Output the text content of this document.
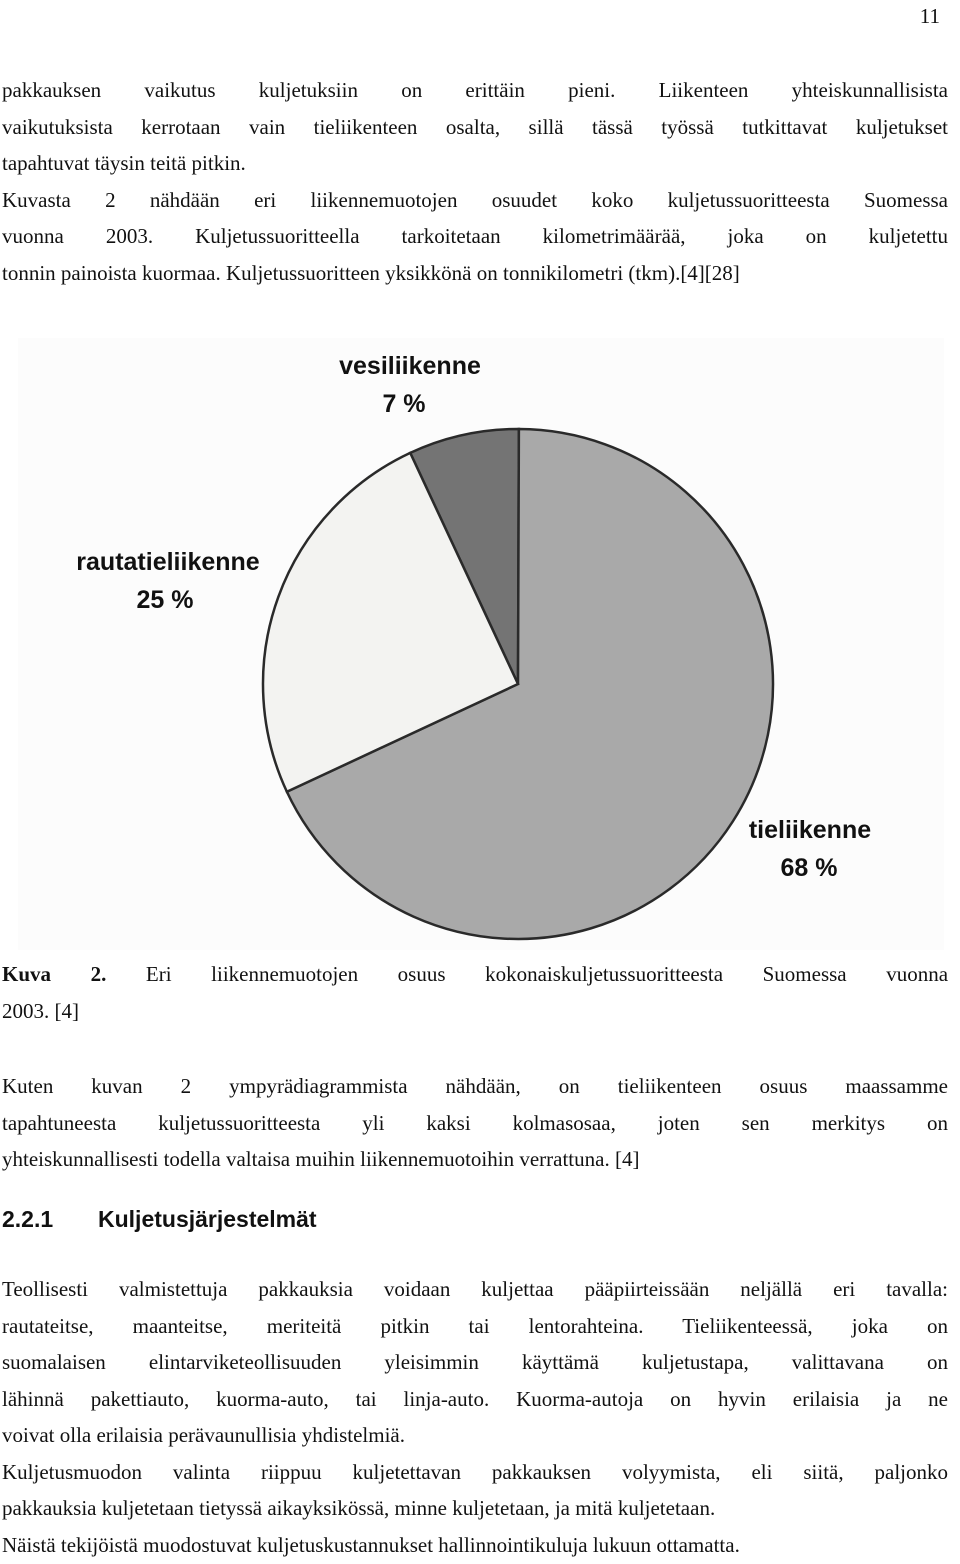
11

pakkauksen vaikutus kuljetuksiin on erittäin pieni. Liikenteen yhteiskunnallisista
vaikutuksista kerrotaan vain tieliikenteen osalta, sillä tässä työssä tutkittavat kuljetukset
tapahtuvat täysin teitä pitkin.
Kuvasta 2 nähdään eri liikennemuotojen osuudet koko kuljetussuoritteesta Suomessa
vuonna 2003. Kuljetussuoritteella tarkoitetaan kilometrimäärää, joka on kuljetettu
tonnin painoista kuormaa. Kuljetussuoritteen yksikkönä on tonnikilometri (tkm).[4][28]

vesiliikenne
7 %
rautatieliikenne
25 %
tieliikenne
68 %

Kuva 2. Eri liikennemuotojen osuus kokonaiskuljetussuoritteesta Suomessa vuonna
2003. [4]

Kuten kuvan 2 ympyrädiagrammista nähdään, on tieliikenteen osuus maassamme
tapahtuneesta kuljetussuoritteesta yli kaksi kolmasosaa, joten sen merkitys on
yhteiskunnallisesti todella valtaisa muihin liikennemuotoihin verrattuna. [4]

2.2.1 Kuljetusjärjestelmät

Teollisesti valmistettuja pakkauksia voidaan kuljettaa pääpiirteissään neljällä eri tavalla:
rautateitse, maanteitse, meriteitä pitkin tai lentorahteina. Tieliikenteessä, joka on
suomalaisen elintarviketeollisuuden yleisimmin käyttämä kuljetustapa, valittavana on
lähinnä pakettiauto, kuorma-auto, tai linja-auto. Kuorma-autoja on hyvin erilaisia ja ne
voivat olla erilaisia perävaunullisia yhdistelmiä.
Kuljetusmuodon valinta riippuu kuljetettavan pakkauksen volyymista, eli siitä, paljonko
pakkauksia kuljetetaan tietyssä aikayksikössä, minne kuljetetaan, ja mitä kuljetetaan.
Näistä tekijöistä muodostuvat kuljetuskustannukset hallinnointikuluja lukuun ottamatta.
